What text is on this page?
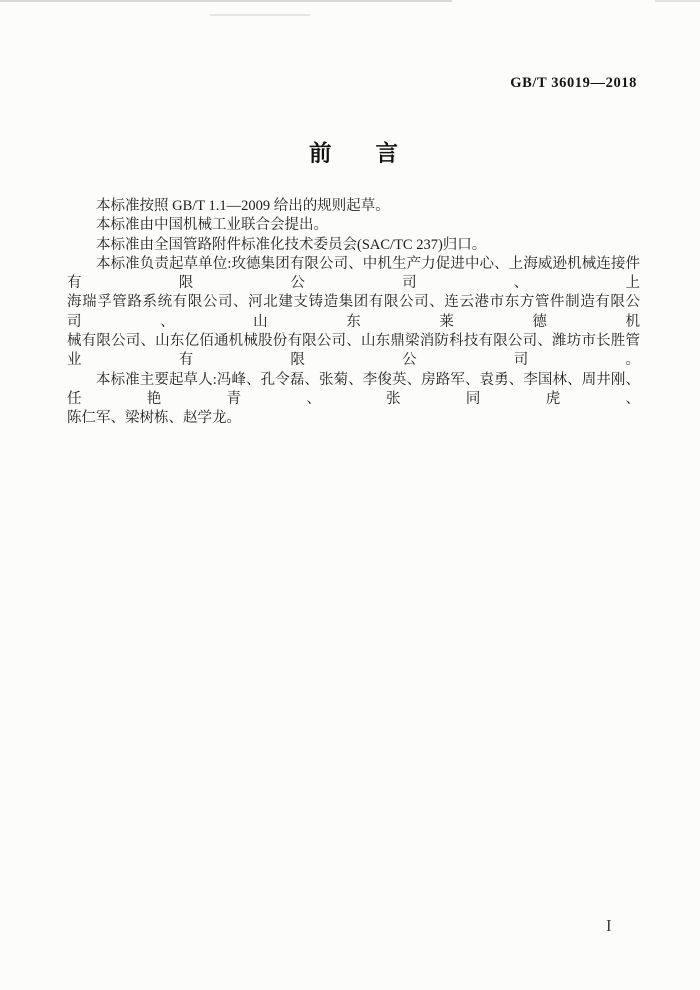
GB/T 36019—2018
前言
本标准按照 GB/T 1.1—2009 给出的规则起草。
本标准由中国机械工业联合会提出。
本标准由全国管路附件标准化技术委员会(SAC/TC 237)归口。
本标准负责起草单位:玫德集团有限公司、中机生产力促进中心、上海威逊机械连接件有限公司、上
海瑞孚管路系统有限公司、河北建支铸造集团有限公司、连云港市东方管件制造有限公司、山东莱德机
械有限公司、山东亿佰通机械股份有限公司、山东鼎梁消防科技有限公司、潍坊市长胜管业有限公司。
本标准主要起草人:冯峰、孔令磊、张菊、李俊英、房路军、袁勇、李国林、周井刚、任艳青、张同虎、
陈仁军、梁树栋、赵学龙。
I
